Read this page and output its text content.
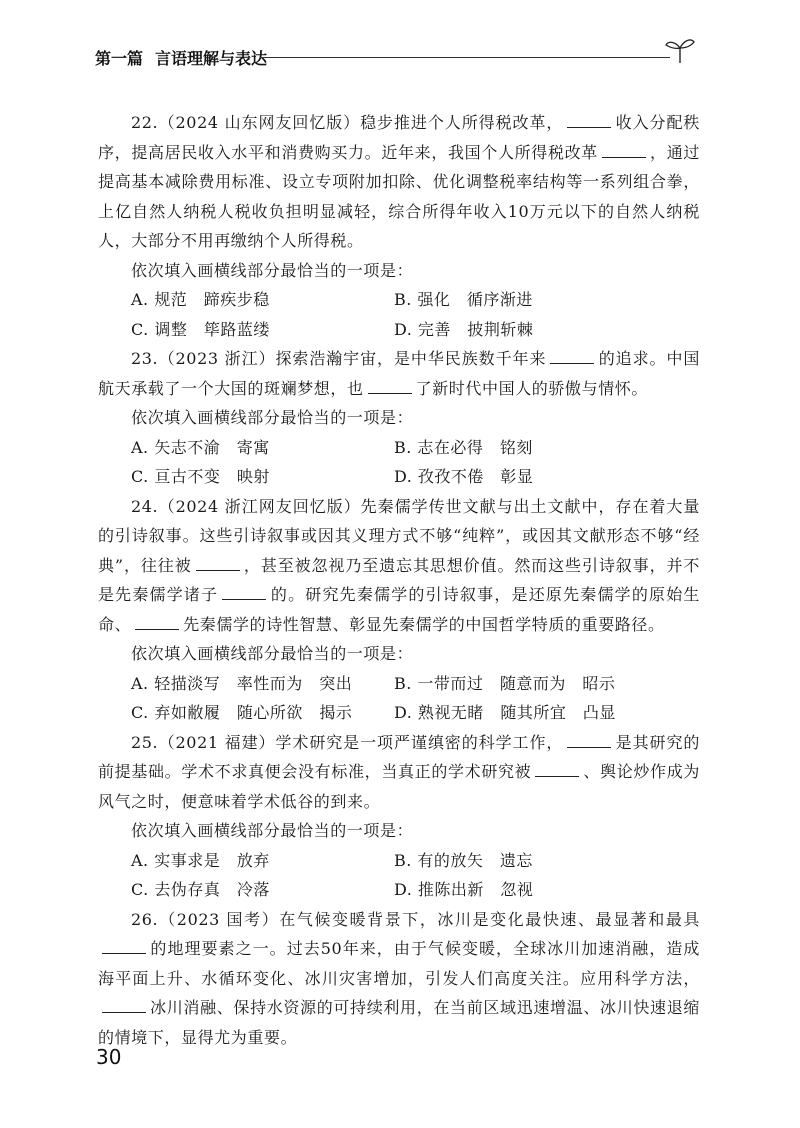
第一篇 言语理解与表达

22.（2024 山东网友回忆版）稳步推进个人所得税改革，	收入分配秩序，提高居民收入水平和消费购买力。近年来，我国个人所得税改革	，通过提高基本减除费用标准、设立专项附加扣除、优化调整税率结构等一系列组合拳，上亿自然人纳税人税收负担明显减轻，综合所得年收入10万元以下的自然人纳税人，大部分不用再缴纳个人所得税。

依次填入画横线部分最恰当的一项是：

A. 规范　蹄疾步稳	B. 强化　循序渐进
C. 调整　筚路蓝缕	D. 完善　披荆斩棘

23.（2023 浙江）探索浩瀚宇宙，是中华民族数千年来	的追求。中国航天承载了一个大国的斑斓梦想，也	了新时代中国人的骄傲与情怀。

依次填入画横线部分最恰当的一项是：

A. 矢志不渝　寄寓	B. 志在必得　铭刻
C. 亘古不变　映射	D. 孜孜不倦　彰显

24.（2024 浙江网友回忆版）先秦儒学传世文献与出土文献中，存在着大量的引诗叙事。这些引诗叙事或因其义理方式不够“纯粹”，或因其文献形态不够“经典”，往往被	，甚至被忽视乃至遗忘其思想价值。然而这些引诗叙事，并不是先秦儒学诸子	的。研究先秦儒学的引诗叙事，是还原先秦儒学的原始生命、	先秦儒学的诗性智慧、彰显先秦儒学的中国哲学特质的重要路径。

依次填入画横线部分最恰当的一项是：

A. 轻描淡写　率性而为　突出	B. 一带而过　随意而为　昭示
C. 弃如敝履　随心所欲　揭示	D. 熟视无睹　随其所宜　凸显

25.（2021 福建）学术研究是一项严谨缜密的科学工作，	是其研究的前提基础。学术不求真便会没有标准，当真正的学术研究被	、舆论炒作成为风气之时，便意味着学术低谷的到来。

依次填入画横线部分最恰当的一项是：

A. 实事求是　放弃	B. 有的放矢　遗忘
C. 去伪存真　冷落	D. 推陈出新　忽视

26.（2023 国考）在气候变暖背景下，冰川是变化最快速、最显著和最具的地理要素之一。过去50年来，由于气候变暖，全球冰川加速消融，造成海平面上升、水循环变化、冰川灾害增加，引发人们高度关注。应用科学方法，冰川消融、保持水资源的可持续利用，在当前区域迅速增温、冰川快速退缩的情境下，显得尤为重要。

30
